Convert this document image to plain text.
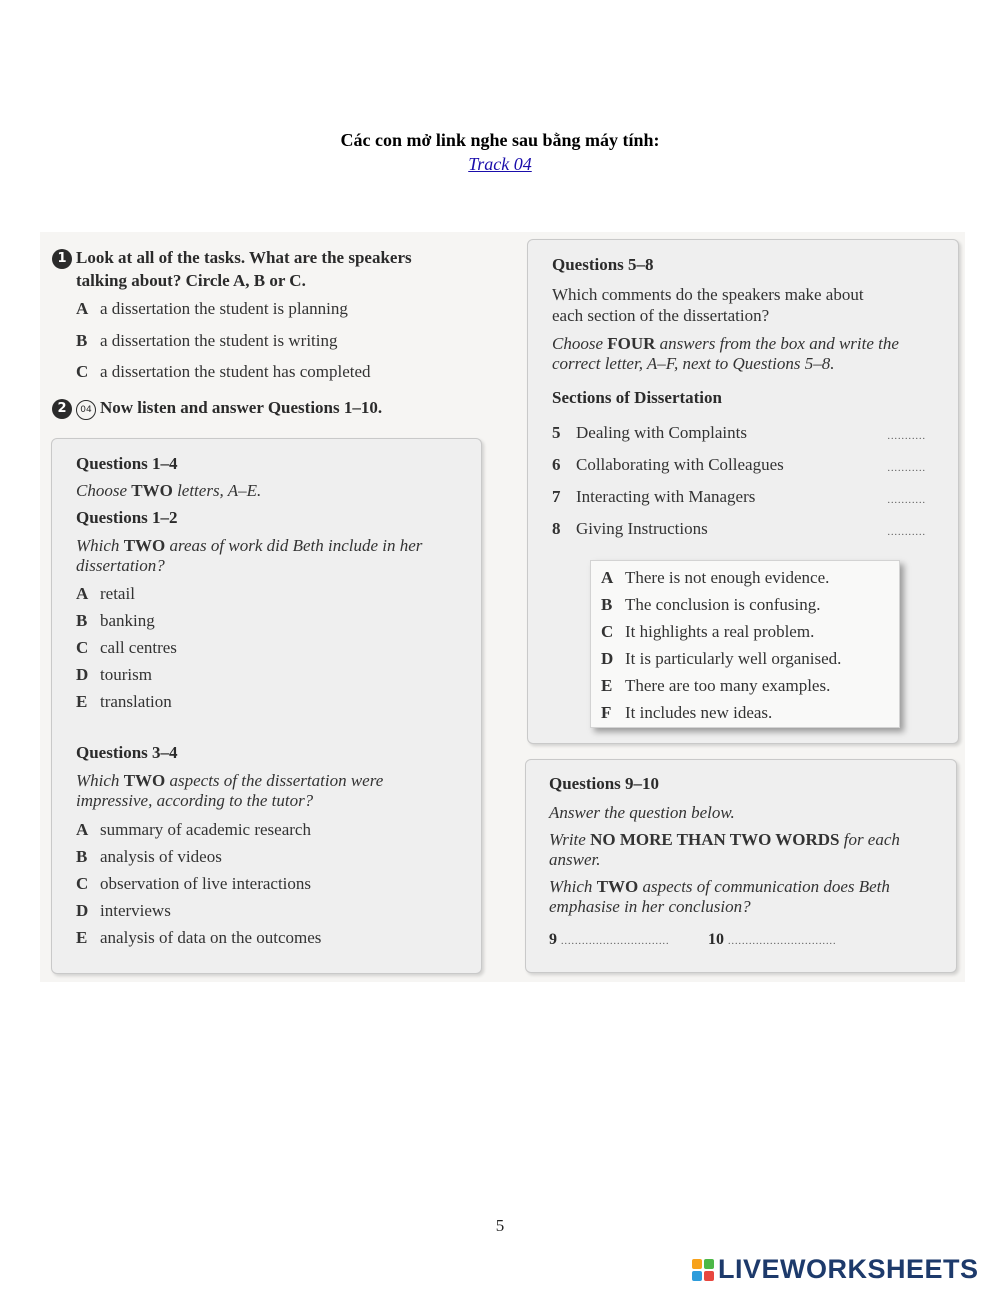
Các con mở link nghe sau bằng máy tính:
Track 04
1 Look at all of the tasks. What are the speakers
talking about? Circle A, B or C.
A a dissertation the student is planning
B a dissertation the student is writing
C a dissertation the student has completed
2 04 Now listen and answer Questions 1–10.
Questions 1–4
Choose TWO letters, A–E.
Questions 1–2
Which TWO areas of work did Beth include in her
dissertation?
A retail
B banking
C call centres
D tourism
E translation
Questions 3–4
Which TWO aspects of the dissertation were
impressive, according to the tutor?
A summary of academic research
B analysis of videos
C observation of live interactions
D interviews
E analysis of data on the outcomes
Questions 5–8
Which comments do the speakers make about
each section of the dissertation?
Choose FOUR answers from the box and write the
correct letter, A–F, next to Questions 5–8.
Sections of Dissertation
5 Dealing with Complaints	...........
6 Collaborating with Colleagues	...........
7 Interacting with Managers	...........
8 Giving Instructions	...........
A There is not enough evidence.
B The conclusion is confusing.
C It highlights a real problem.
D It is particularly well organised.
E There are too many examples.
F It includes new ideas.
Questions 9–10
Answer the question below.
Write NO MORE THAN TWO WORDS for each
answer.
Which TWO aspects of communication does Beth
emphasise in her conclusion?
9 ............................... 10 ...............................
5
LIVEWORKSHEETS
